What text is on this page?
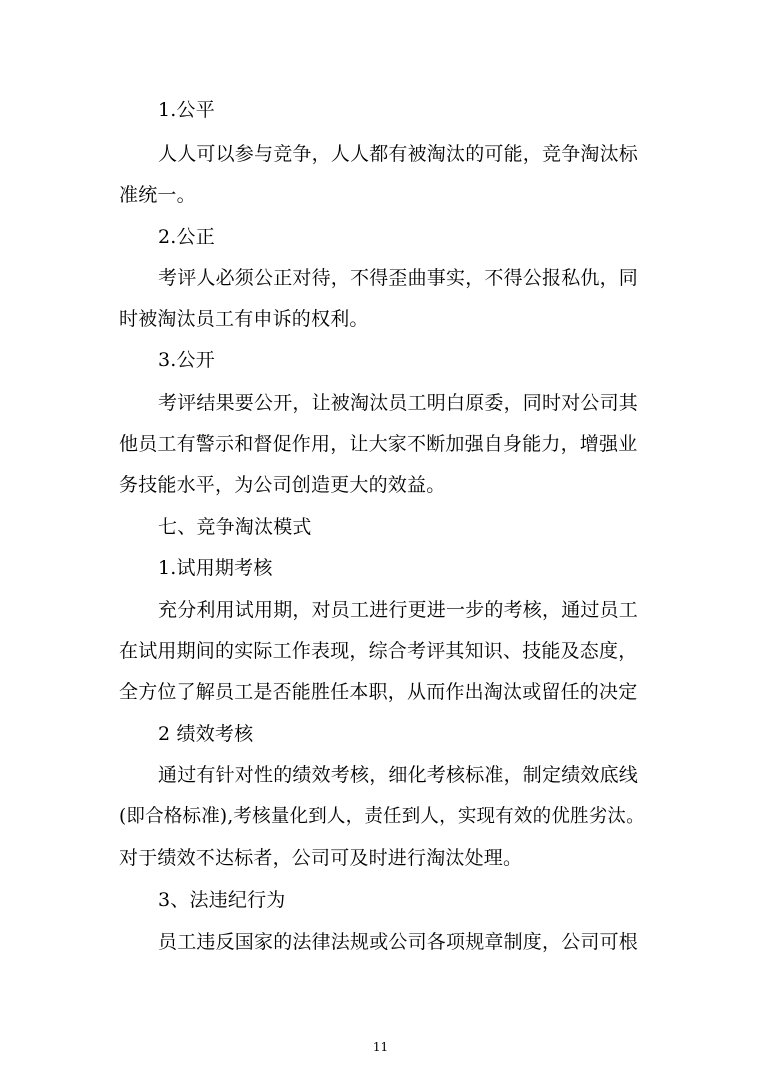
1.公平
人人可以参与竞争，人人都有被淘汰的可能，竞争淘汰标
准统一。
2.公正
考评人必须公正对待，不得歪曲事实，不得公报私仇，同
时被淘汰员工有申诉的权利。
3.公开
考评结果要公开，让被淘汰员工明白原委，同时对公司其
他员工有警示和督促作用，让大家不断加强自身能力，增强业
务技能水平，为公司创造更大的效益。
七、竞争淘汰模式
1.试用期考核
充分利用试用期，对员工进行更进一步的考核，通过员工
在试用期间的实际工作表现，综合考评其知识、技能及态度，
全方位了解员工是否能胜任本职，从而作出淘汰或留任的决定
2 绩效考核
通过有针对性的绩效考核，细化考核标准，制定绩效底线
(即合格标准),考核量化到人，责任到人，实现有效的优胜劣汰。
对于绩效不达标者，公司可及时进行淘汰处理。
3、法违纪行为
员工违反国家的法律法规或公司各项规章制度，公司可根
11
